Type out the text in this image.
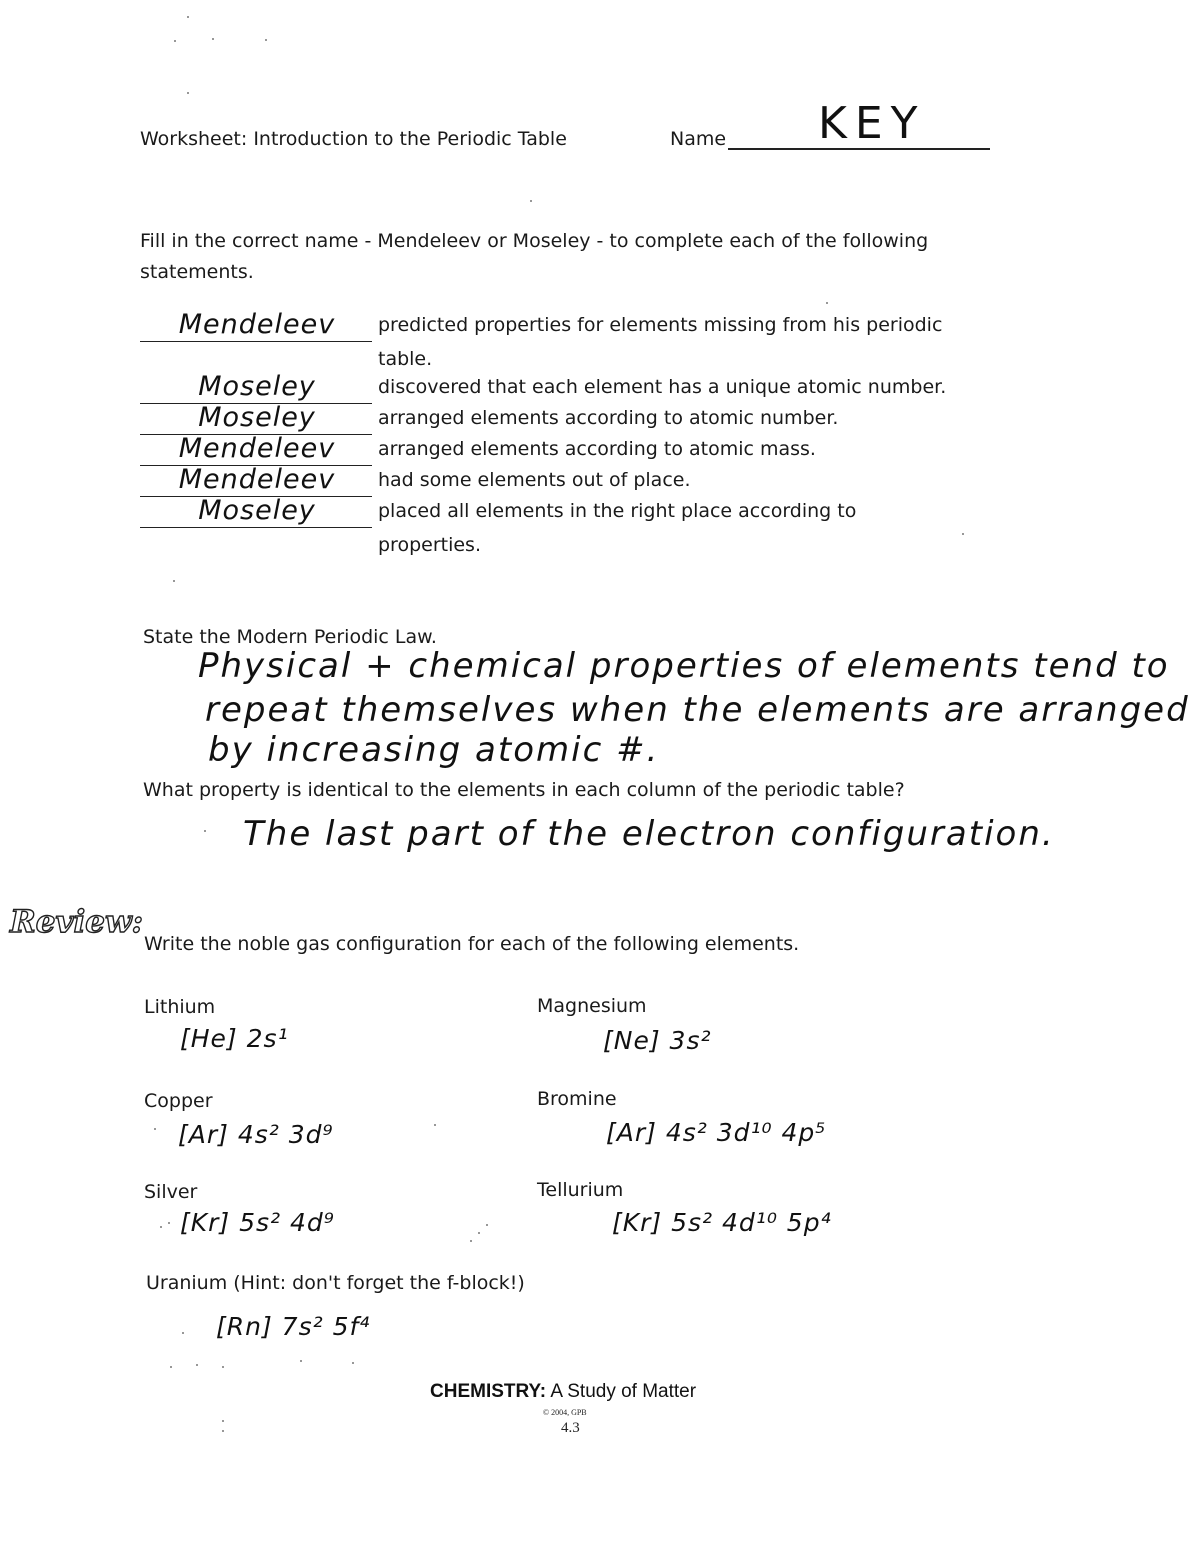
Worksheet: Introduction to the Periodic Table	Name KEY
Fill in the correct name - Mendeleev or Moseley - to complete each of the following statements.
Mendeleev	predicted properties for elements missing from his periodic
table.
Moseley	discovered that each element has a unique atomic number.
Moseley	arranged elements according to atomic number.
Mendeleev	arranged elements according to atomic mass.
Mendeleev	had some elements out of place.
Moseley	placed all elements in the right place according to
properties.
State the Modern Periodic Law.
Physical + chemical properties of elements tend to
repeat themselves when the elements are arranged
by increasing atomic #.
What property is identical to the elements in each column of the periodic table?
The last part of the electron configuration.
Review:
Write the noble gas configuration for each of the following elements.
Lithium
[He] 2s¹
Magnesium
[Ne] 3s²
Copper
[Ar] 4s² 3d⁹
Bromine
[Ar] 4s² 3d¹⁰ 4p⁵
Silver
[Kr] 5s² 4d⁹
Tellurium
[Kr] 5s² 4d¹⁰ 5p⁴
Uranium (Hint: don't forget the f-block!)
[Rn] 7s² 5f⁴
CHEMISTRY: A Study of Matter
© 2004, GPB
4.3
